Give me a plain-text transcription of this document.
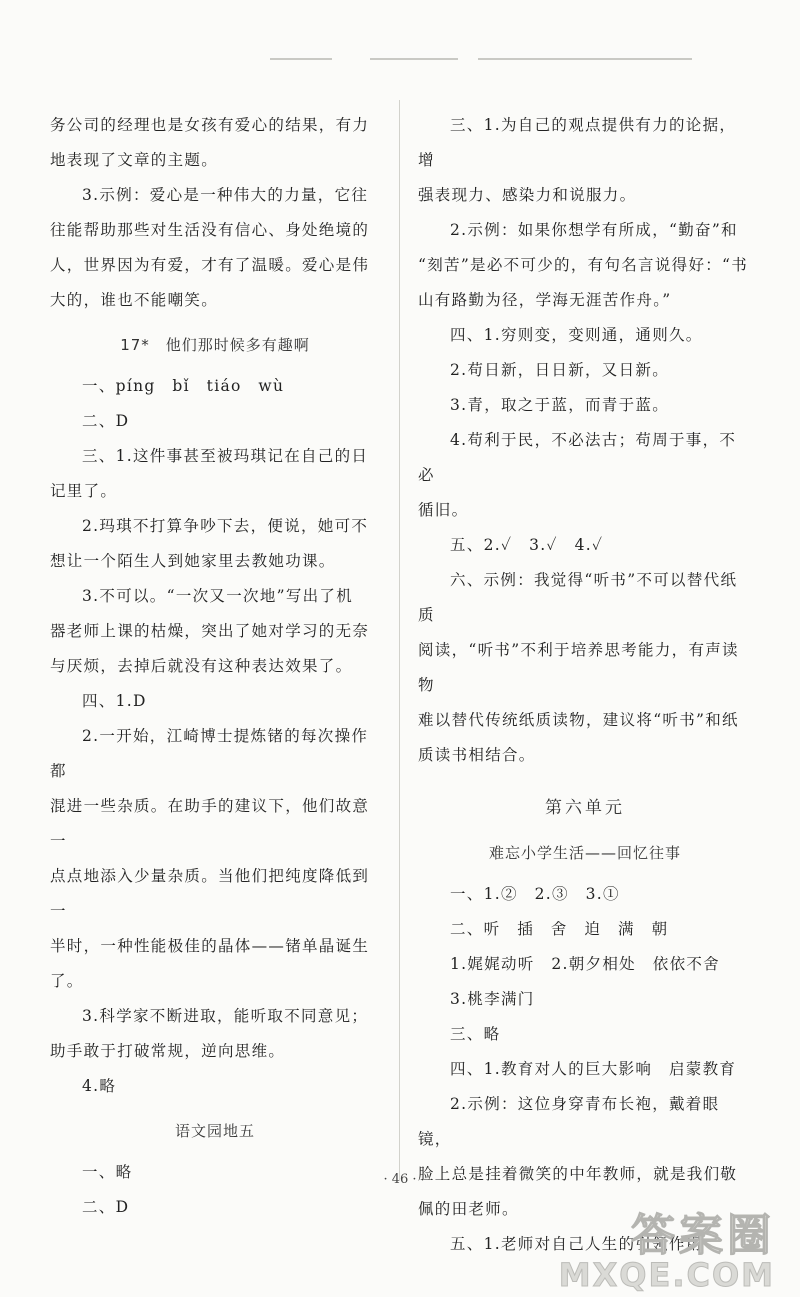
务公司的经理也是女孩有爱心的结果，有力
地表现了文章的主题。
3.示例：爱心是一种伟大的力量，它往
往能帮助那些对生活没有信心、身处绝境的
人，世界因为有爱，才有了温暖。爱心是伟
大的，谁也不能嘲笑。
17*　他们那时候多有趣啊
一、píng　bǐ　tiáo　wù
二、D
三、1.这件事甚至被玛琪记在自己的日
记里了。
2.玛琪不打算争吵下去，便说，她可不
想让一个陌生人到她家里去教她功课。
3.不可以。“一次又一次地”写出了机
器老师上课的枯燥，突出了她对学习的无奈
与厌烦，去掉后就没有这种表达效果了。
四、1.D
2.一开始，江崎博士提炼锗的每次操作都
混进一些杂质。在助手的建议下，他们故意一
点点地添入少量杂质。当他们把纯度降低到一
半时，一种性能极佳的晶体——锗单晶诞生了。
3.科学家不断进取，能听取不同意见；
助手敢于打破常规，逆向思维。
4.略
语文园地五
一、略
二、D
三、1.为自己的观点提供有力的论据，增
强表现力、感染力和说服力。
2.示例：如果你想学有所成，“勤奋”和
“刻苦”是必不可少的，有句名言说得好：“书
山有路勤为径，学海无涯苦作舟。”
四、1.穷则变，变则通，通则久。
2.苟日新，日日新，又日新。
3.青，取之于蓝，而青于蓝。
4.苟利于民，不必法古；苟周于事，不必
循旧。
五、2.✓　3.✓　4.✓
六、示例：我觉得“听书”不可以替代纸质
阅读，“听书”不利于培养思考能力，有声读物
难以替代传统纸质读物，建议将“听书”和纸
质读书相结合。
第六单元
难忘小学生活——回忆往事
一、1.②　2.③　3.①
二、听　插　舍　迫　满　朝
1.娓娓动听　2.朝夕相处　依依不舍
3.桃李满门
三、略
四、1.教育对人的巨大影响　启蒙教育
2.示例：这位身穿青布长袍，戴着眼镜，
脸上总是挂着微笑的中年教师，就是我们敬
佩的田老师。
五、1.老师对自己人生的引领作用
· 46 ·
答案圈
MXQE.COM
